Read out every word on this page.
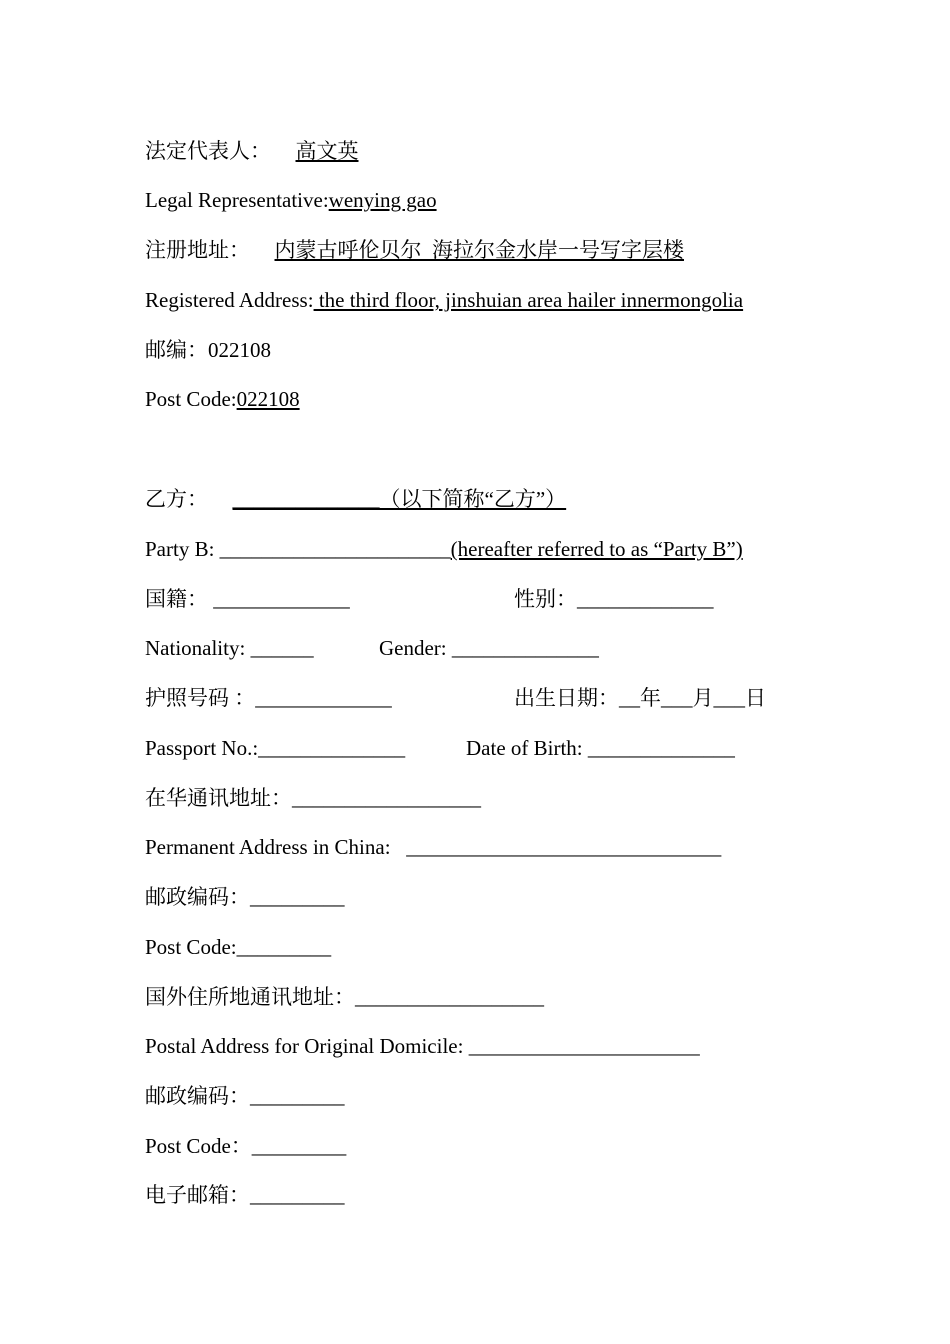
法定代表人： 高文英
Legal Representative:wenying gao
注册地址： 内蒙古呼伦贝尔  海拉尔金水岸一号写字层楼
Registered Address: the third floor, jinshuian area hailer innermongolia
邮编：022108
Post Code:022108
乙方： ______________（以下简称“乙方”）
Party B: ______________________(hereafter referred to as “Party B”)
国籍： _____________	性别：_____________
Nationality: ______	Gender: ______________
护照号码 ：_____________	出生日期：__年___月___日
Passport No.:______________	Date of Birth: ______________
在华通讯地址：__________________
Permanent Address in China:   ______________________________
邮政编码：_________
Post Code:_________
国外住所地通讯地址：__________________
Postal Address for Original Domicile: ______________________
邮政编码：_________
Post Code：_________
电子邮箱：_________
